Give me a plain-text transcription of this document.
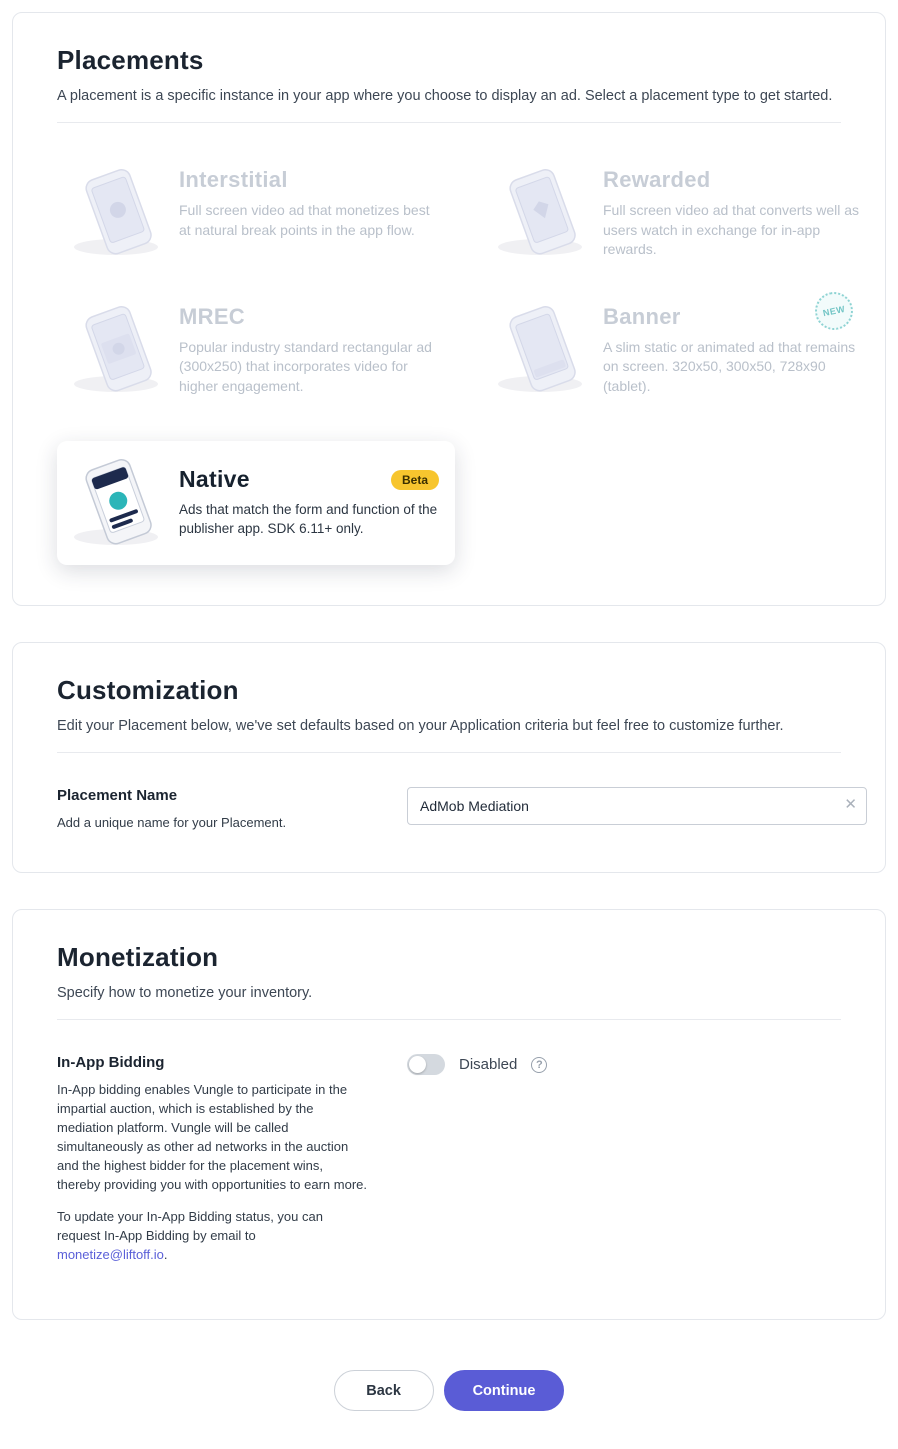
Placements
A placement is a specific instance in your app where you choose to display an ad. Select a placement type to get started.
Interstitial

Full screen video ad that monetizes best at natural break points in the app flow.

Rewarded

Full screen video ad that converts well as users watch in exchange for in-app rewards.

MREC

Popular industry standard rectangular ad (300x250) that incorporates video for higher engagement.

Banner

A slim static or animated ad that remains on screen. 320x50, 300x50, 728x90 (tablet).

NEW
Native	Beta

Ads that match the form and function of the publisher app. SDK 6.11+ only.

Customization
Edit your Placement below, we've set defaults based on your Application criteria but feel free to customize further.
Placement Name
Add a unique name for your Placement.
AdMob Mediation
✕
Monetization
Specify how to monetize your inventory.
In-App Bidding

In-App bidding enables Vungle to participate in the impartial auction, which is established by the mediation platform. Vungle will be called simultaneously as other ad networks in the auction and the highest bidder for the placement wins, thereby providing you with opportunities to earn more.

To update your In-App Bidding status, you can request In-App Bidding by email to
monetize@liftoff.io.

Disabled	?
Back	Continue
